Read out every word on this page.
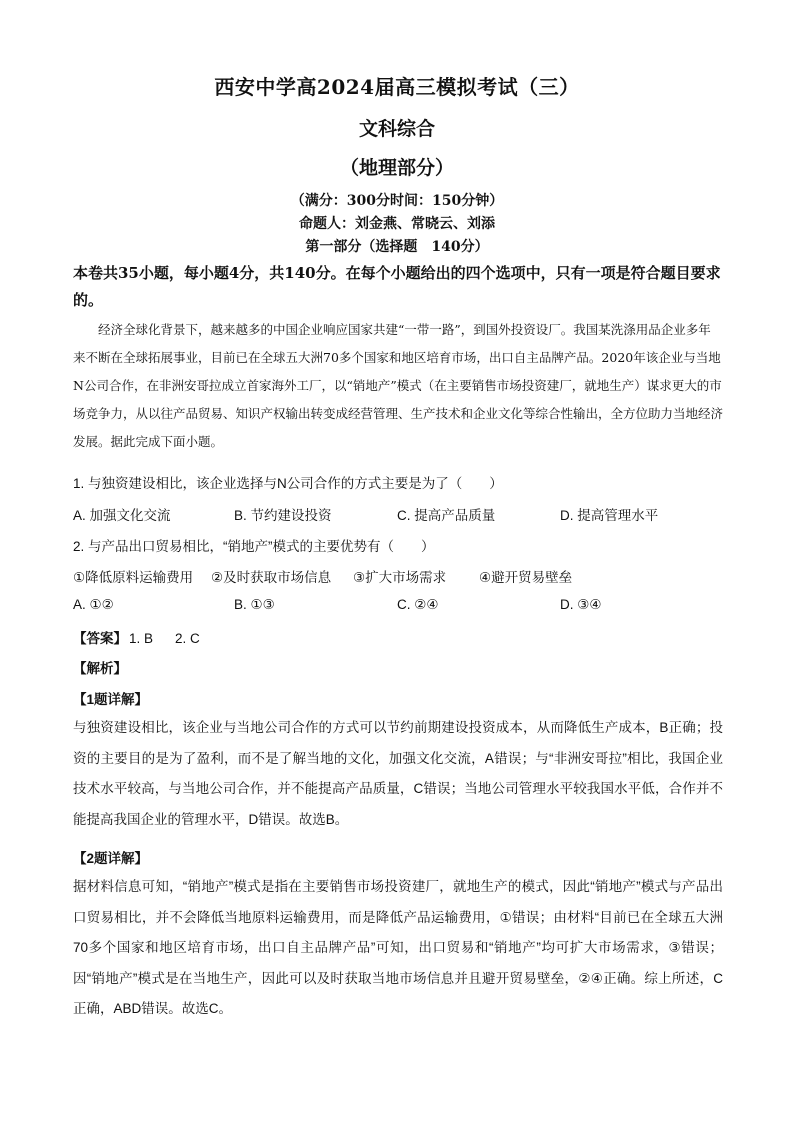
西安中学高2024届高三模拟考试（三）

文科综合

（地理部分）

（满分：300分时间：150分钟）

命题人：刘金燕、常晓云、刘添

第一部分（选择题　140分）

本卷共35小题，每小题4分，共140分。在每个小题给出的四个选项中，只有一项是符合题目要求的。
经济全球化背景下，越来越多的中国企业响应国家共建“一带一路”，到国外投资设厂。我国某洗涤用品企业多年来不断在全球拓展事业，目前已在全球五大洲70多个国家和地区培育市场，出口自主品牌产品。2020年该企业与当地N公司合作，在非洲安哥拉成立首家海外工厂，以“销地产”模式（在主要销售市场投资建厂，就地生产）谋求更大的市场竞争力，从以往产品贸易、知识产权输出转变成经营管理、生产技术和企业文化等综合性输出，全方位助力当地经济发展。据此完成下面小题。
1. 与独资建设相比，该企业选择与N公司合作的方式主要是为了（　　）
A. 加强文化交流	B. 节约建设投资	C. 提高产品质量	D. 提高管理水平
2. 与产品出口贸易相比，“销地产”模式的主要优势有（　　）
①降低原料运输费用 ②及时获取市场信息 ③扩大市场需求 ④避开贸易壁垒
A. ①②	B. ①③	C. ②④	D. ③④
【答案】 1. B 2. C
【解析】
【1题详解】
与独资建设相比，该企业与当地公司合作的方式可以节约前期建设投资成本，从而降低生产成本，B正确；投资的主要目的是为了盈利，而不是了解当地的文化，加强文化交流，A错误；与“非洲安哥拉”相比，我国企业技术水平较高，与当地公司合作，并不能提高产品质量，C错误；当地公司管理水平较我国水平低，合作并不能提高我国企业的管理水平，D错误。故选B。
【2题详解】
据材料信息可知，“销地产”模式是指在主要销售市场投资建厂，就地生产的模式，因此“销地产”模式与产品出口贸易相比，并不会降低当地原料运输费用，而是降低产品运输费用，①错误；由材料“目前已在全球五大洲70多个国家和地区培育市场，出口自主品牌产品”可知，出口贸易和“销地产”均可扩大市场需求，③错误；因“销地产”模式是在当地生产，因此可以及时获取当地市场信息并且避开贸易壁垒，②④正确。综上所述，C正确，ABD错误。故选C。
